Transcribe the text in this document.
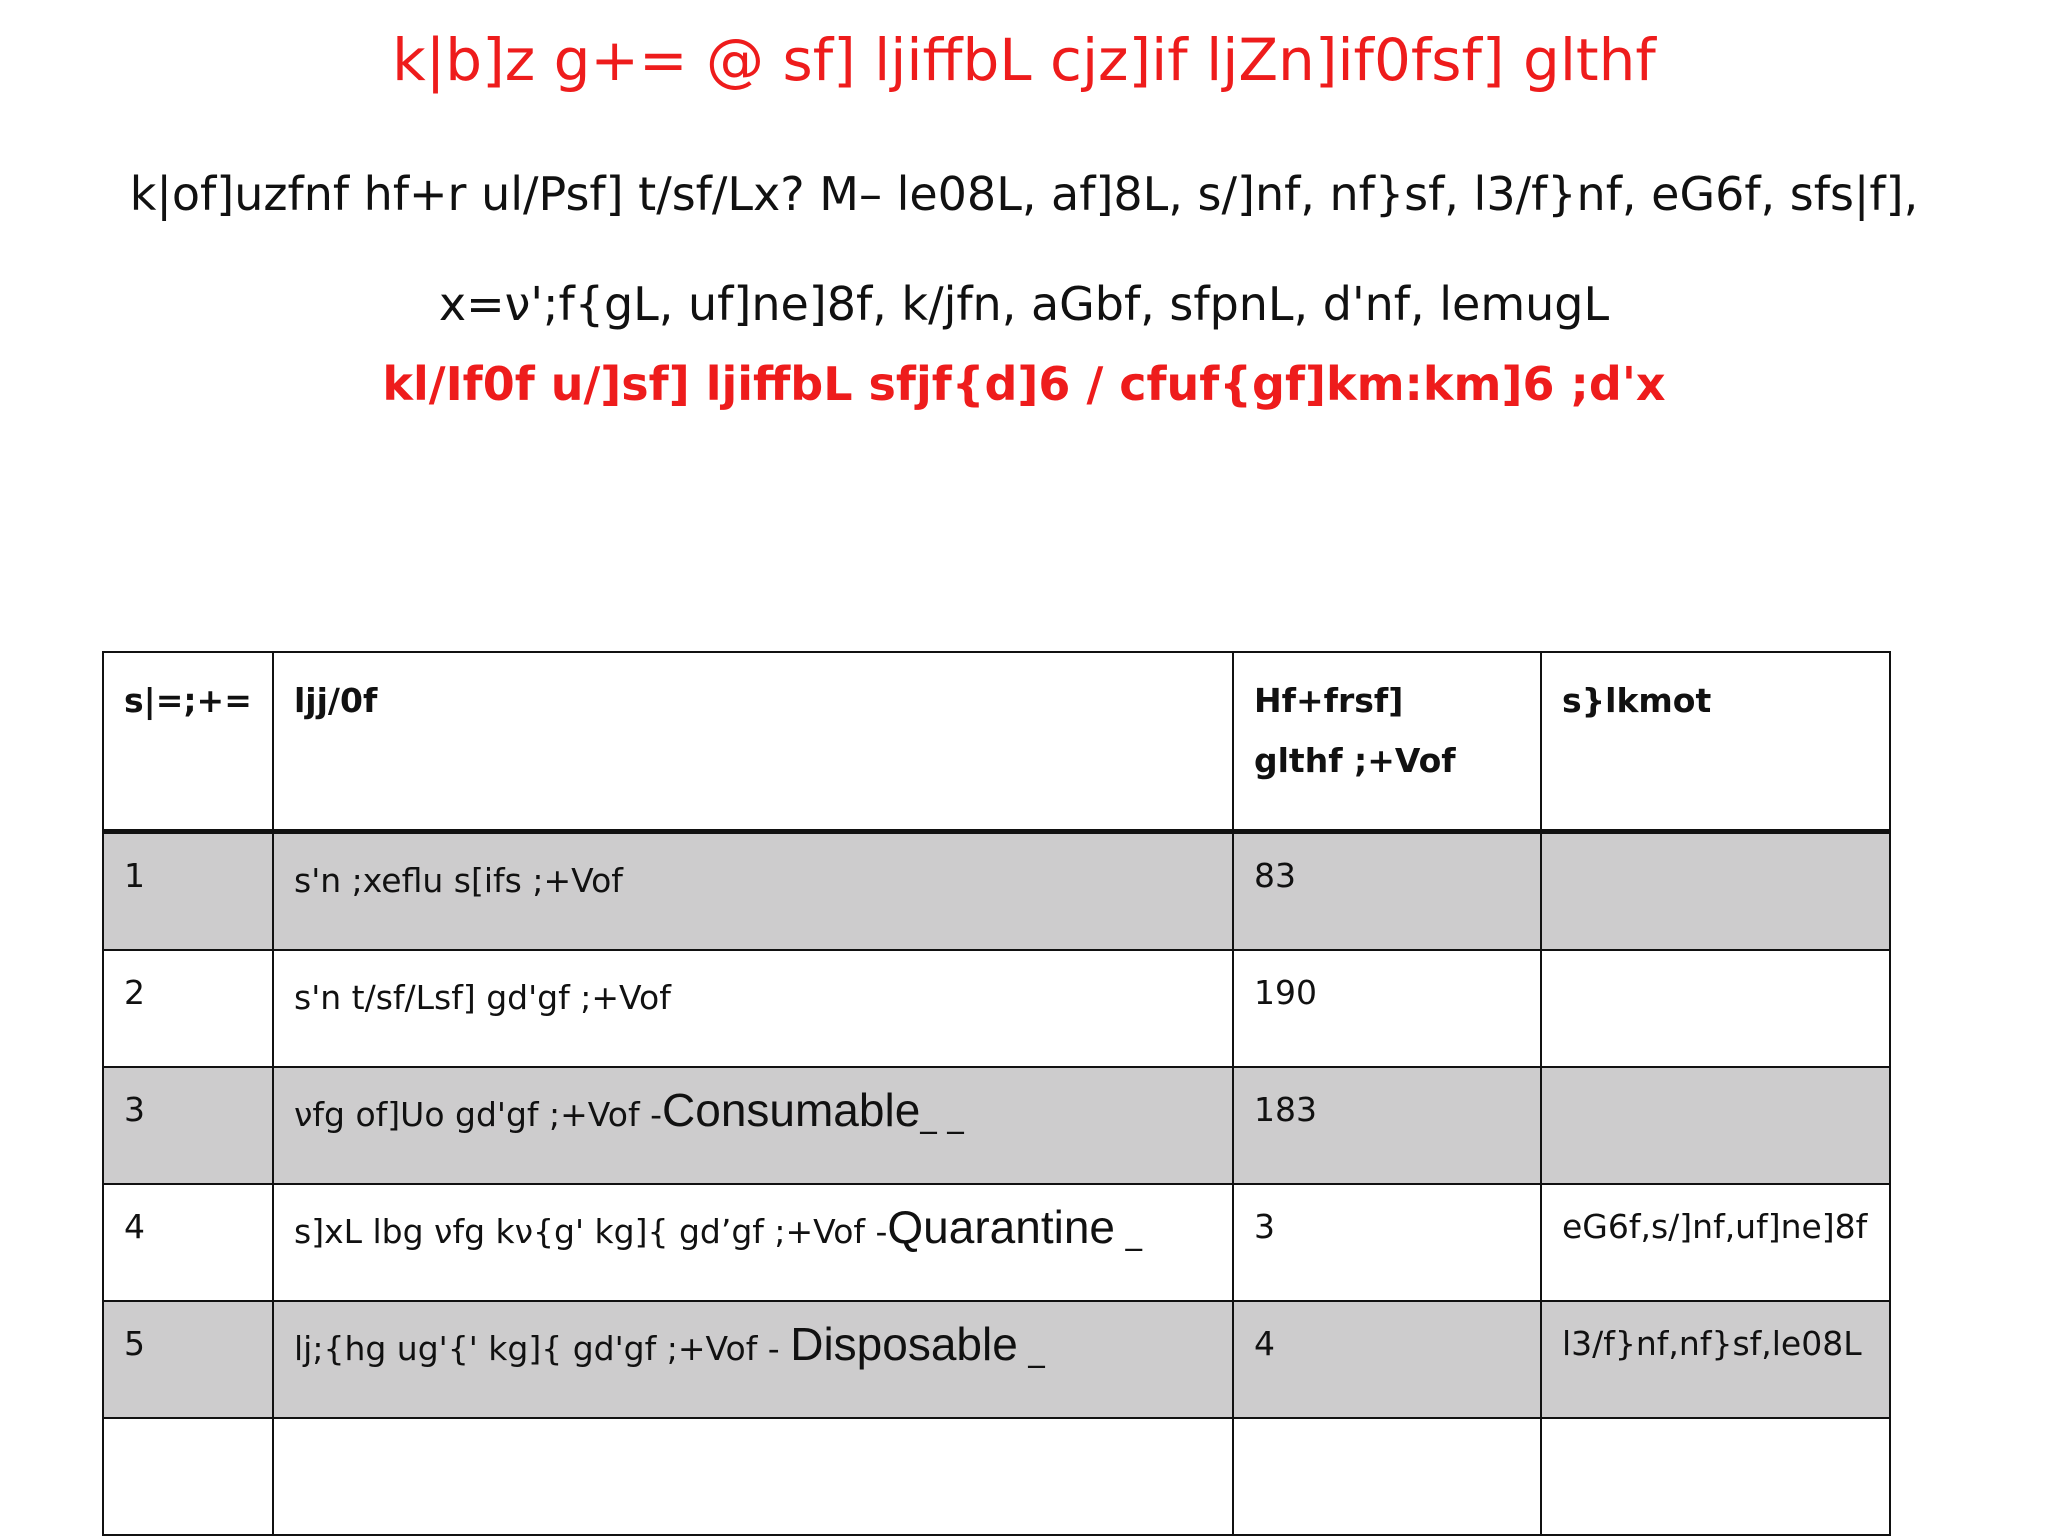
k|b]z g+= @ sf] ljiffbL cjz]if ljZn]if0fsf] glthf
k|of]uzfnf hf+r ul/Psf] t/sf/Lx? M– le08L, af]8L, s/]nf, nf}sf, l3/f}nf, eG6f, sfs|f],
x=ν';f{gL, uf]ne]8f, k/jfn, aGbf, sfpnL, d'nf, lemugL
kl/If0f u/]sf] ljiffbL sfjf{d]6 / cfuf{gf]km:km]6 ;d'x
s|=;+=	ljj/0f	Hf+frsf] glthf ;+Vof	s}lkmot
1	s'n ;xeflu s[ifs ;+Vof	83	
2	s'n t/sf/Lsf] gd'gf ;+Vof	190	
3	νfg of]Uo gd'gf ;+Vof -Consumable_ _	183	
4	s]xL lbg νfg kν{g' kg]{ gd’gf ;+Vof -Quarantine _	3	eG6f,s/]nf,uf]ne]8f
5	lj;{hg ug'{' kg]{ gd'gf ;+Vof - Disposable _	4	l3/f}nf,nf}sf,le08L
